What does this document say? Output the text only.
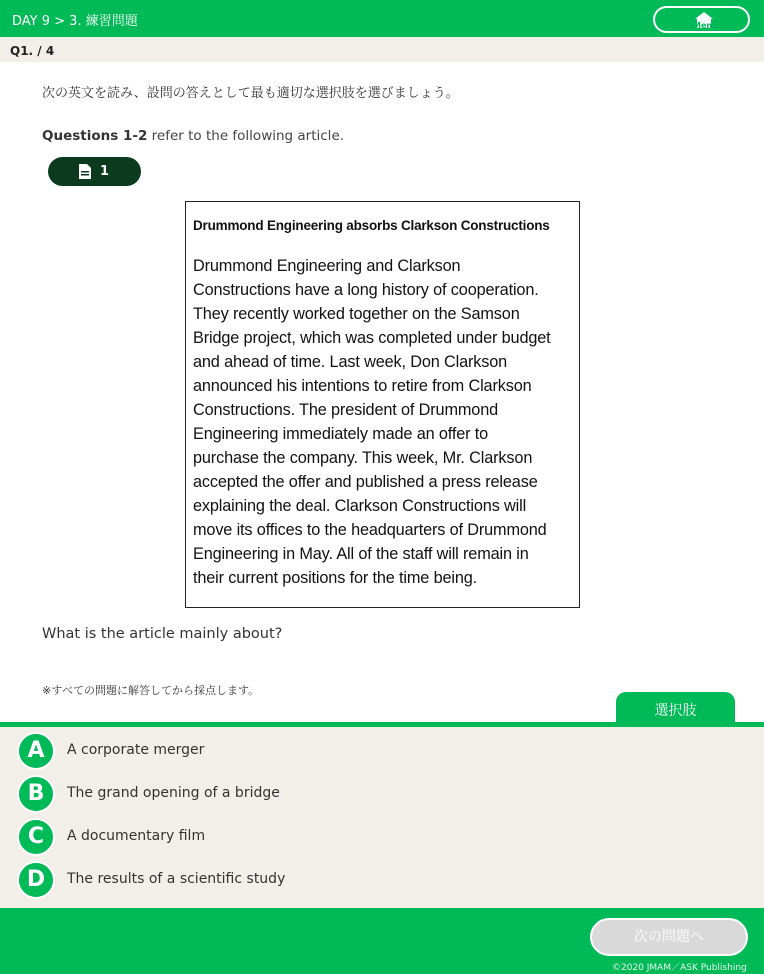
DAY 9 > 3. 練習問題	Menu
Q1. / 4
次の英文を読み、設問の答えとして最も適切な選択肢を選びましょう。
Questions 1-2 refer to the following article.
1
Drummond Engineering absorbs Clarkson Constructions
Drummond Engineering and Clarkson
Constructions have a long history of cooperation.
They recently worked together on the Samson
Bridge project, which was completed under budget
and ahead of time. Last week, Don Clarkson
announced his intentions to retire from Clarkson
Constructions. The president of Drummond
Engineering immediately made an offer to
purchase the company. This week, Mr. Clarkson
accepted the offer and published a press release
explaining the deal. Clarkson Constructions will
move its offices to the headquarters of Drummond
Engineering in May. All of the staff will remain in
their current positions for the time being.
What is the article mainly about?
※すべての問題に解答してから採点します。
選択肢
A	A corporate merger
B	The grand opening of a bridge
C	A documentary film
D	The results of a scientific study
次の問題へ
©2020 JMAM／ASK Publishing
